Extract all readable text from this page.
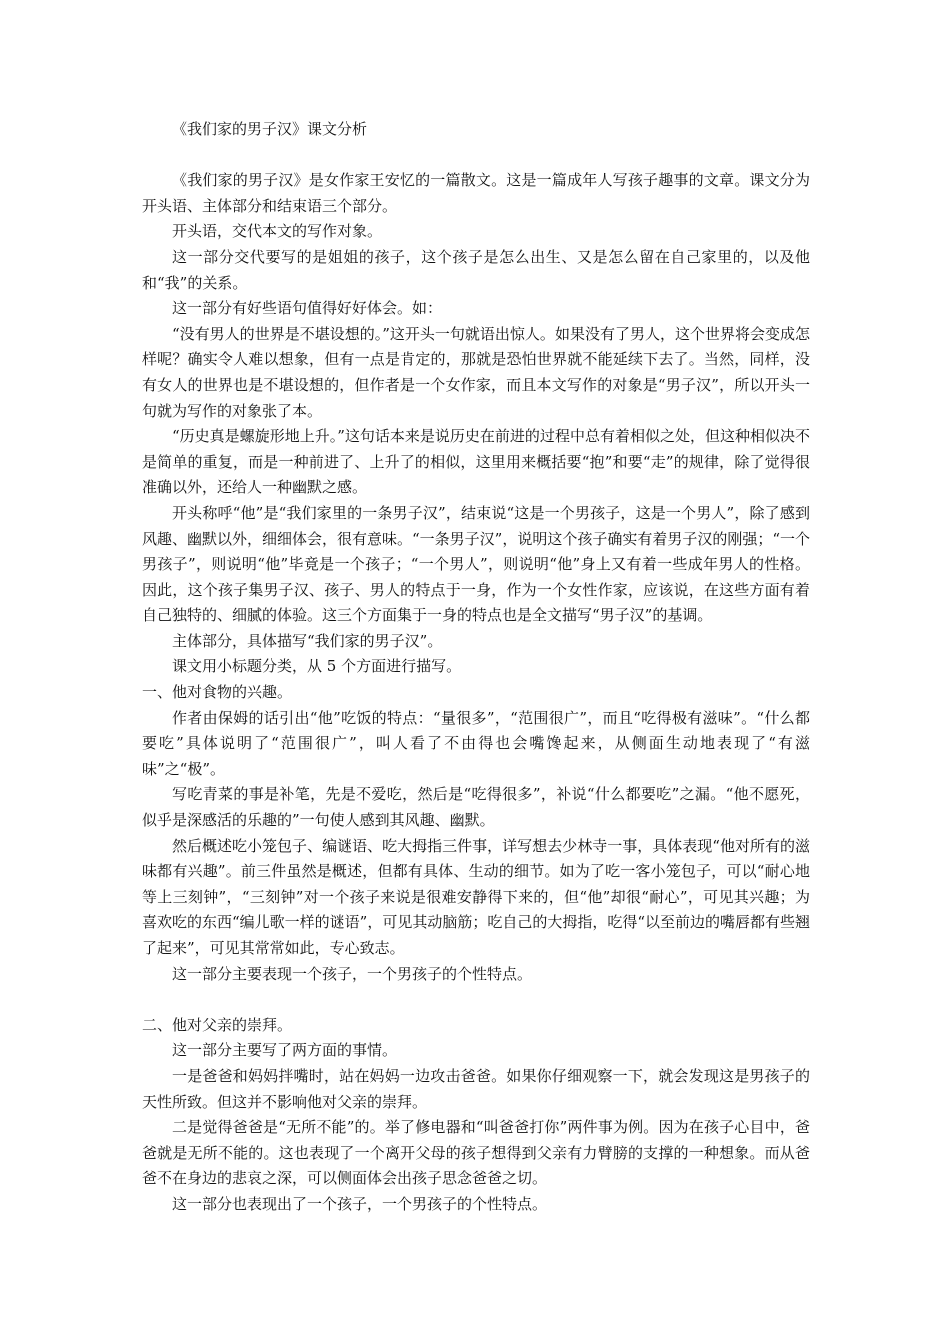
《我们家的男子汉》课文分析

《我们家的男子汉》是女作家王安忆的一篇散文。这是一篇成年人写孩子趣事的文章。课文分为开头语、主体部分和结束语三个部分。

开头语，交代本文的写作对象。

这一部分交代要写的是姐姐的孩子，这个孩子是怎么出生、又是怎么留在自己家里的，以及他和“我”的关系。

这一部分有好些语句值得好好体会。如：

“没有男人的世界是不堪设想的。”这开头一句就语出惊人。如果没有了男人，这个世界将会变成怎样呢？确实令人难以想象，但有一点是肯定的，那就是恐怕世界就不能延续下去了。当然，同样，没有女人的世界也是不堪设想的，但作者是一个女作家，而且本文写作的对象是“男子汉”，所以开头一句就为写作的对象张了本。

“历史真是螺旋形地上升。”这句话本来是说历史在前进的过程中总有着相似之处，但这种相似决不是简单的重复，而是一种前进了、上升了的相似，这里用来概括要“抱”和要“走”的规律，除了觉得很准确以外，还给人一种幽默之感。

开头称呼“他”是“我们家里的一条男子汉”，结束说“这是一个男孩子，这是一个男人”，除了感到风趣、幽默以外，细细体会，很有意味。“一条男子汉”，说明这个孩子确实有着男子汉的刚强；“一个男孩子”，则说明“他”毕竟是一个孩子；“一个男人”，则说明“他”身上又有着一些成年男人的性格。因此，这个孩子集男子汉、孩子、男人的特点于一身，作为一个女性作家，应该说，在这些方面有着自己独特的、细腻的体验。这三个方面集于一身的特点也是全文描写“男子汉”的基调。

主体部分，具体描写“我们家的男子汉”。

课文用小标题分类，从 5 个方面进行描写。

一、他对食物的兴趣。

作者由保姆的话引出“他”吃饭的特点：“量很多”，“范围很广”，而且“吃得极有滋味”。“什么都要吃”具体说明了“范围很广”，叫人看了不由得也会嘴馋起来，从侧面生动地表现了“有滋味”之“极”。

写吃青菜的事是补笔，先是不爱吃，然后是“吃得很多”，补说“什么都要吃”之漏。“他不愿死，似乎是深感活的乐趣的”一句使人感到其风趣、幽默。

然后概述吃小笼包子、编谜语、吃大拇指三件事，详写想去少林寺一事，具体表现“他对所有的滋味都有兴趣”。前三件虽然是概述，但都有具体、生动的细节。如为了吃一客小笼包子，可以“耐心地等上三刻钟”，“三刻钟”对一个孩子来说是很难安静得下来的，但“他”却很“耐心”，可见其兴趣；为喜欢吃的东西“编儿歌一样的谜语”，可见其动脑筋；吃自己的大拇指，吃得“以至前边的嘴唇都有些翘了起来”，可见其常常如此，专心致志。

这一部分主要表现一个孩子，一个男孩子的个性特点。

二、他对父亲的崇拜。

这一部分主要写了两方面的事情。

一是爸爸和妈妈拌嘴时，站在妈妈一边攻击爸爸。如果你仔细观察一下，就会发现这是男孩子的天性所致。但这并不影响他对父亲的崇拜。

二是觉得爸爸是“无所不能”的。举了修电器和“叫爸爸打你”两件事为例。因为在孩子心目中，爸爸就是无所不能的。这也表现了一个离开父母的孩子想得到父亲有力臂膀的支撑的一种想象。而从爸爸不在身边的悲哀之深，可以侧面体会出孩子思念爸爸之切。

这一部分也表现出了一个孩子，一个男孩子的个性特点。
